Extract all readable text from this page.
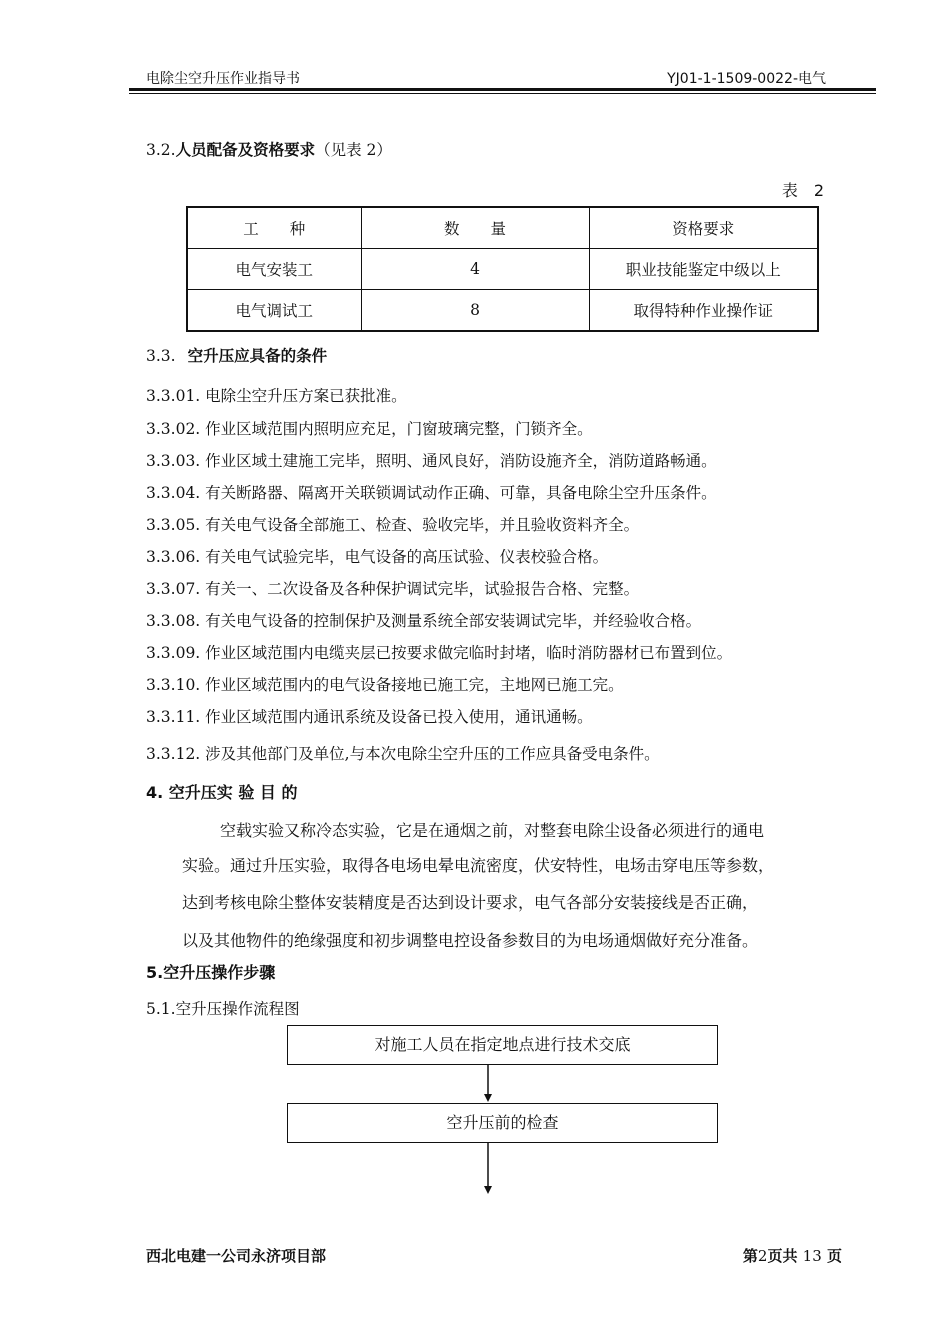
电除尘空升压作业指导书	YJ01-1-1509-0022-电气
3.2.人员配备及资格要求（见表 2）
表　2
工　　种	数　　量	资格要求
电气安装工	4	职业技能鉴定中级以上
电气调试工	8	取得特种作业操作证
3.3. 空升压应具备的条件
3.3.01. 电除尘空升压方案已获批准。
3.3.02. 作业区域范围内照明应充足，门窗玻璃完整，门锁齐全。
3.3.03. 作业区域土建施工完毕，照明、通风良好，消防设施齐全，消防道路畅通。
3.3.04. 有关断路器、隔离开关联锁调试动作正确、可靠，具备电除尘空升压条件。
3.3.05. 有关电气设备全部施工、检查、验收完毕，并且验收资料齐全。
3.3.06. 有关电气试验完毕，电气设备的高压试验、仪表校验合格。
3.3.07. 有关一、二次设备及各种保护调试完毕，试验报告合格、完整。
3.3.08. 有关电气设备的控制保护及测量系统全部安装调试完毕，并经验收合格。
3.3.09. 作业区域范围内电缆夹层已按要求做完临时封堵，临时消防器材已布置到位。
3.3.10. 作业区域范围内的电气设备接地已施工完，主地网已施工完。
3.3.11. 作业区域范围内通讯系统及设备已投入使用，通讯通畅。
3.3.12. 涉及其他部门及单位,与本次电除尘空升压的工作应具备受电条件。
4. 空升压实 验 目 的
空载实验又称冷态实验，它是在通烟之前，对整套电除尘设备必须进行的通电
实验。通过升压实验，取得各电场电晕电流密度，伏安特性，电场击穿电压等参数，
达到考核电除尘整体安装精度是否达到设计要求，电气各部分安装接线是否正确，
以及其他物件的绝缘强度和初步调整电控设备参数目的为电场通烟做好充分准备。
5.空升压操作步骤
5.1.空升压操作流程图
对施工人员在指定地点进行技术交底
空升压前的检查
西北电建一公司永济项目部	第2页共 13 页
